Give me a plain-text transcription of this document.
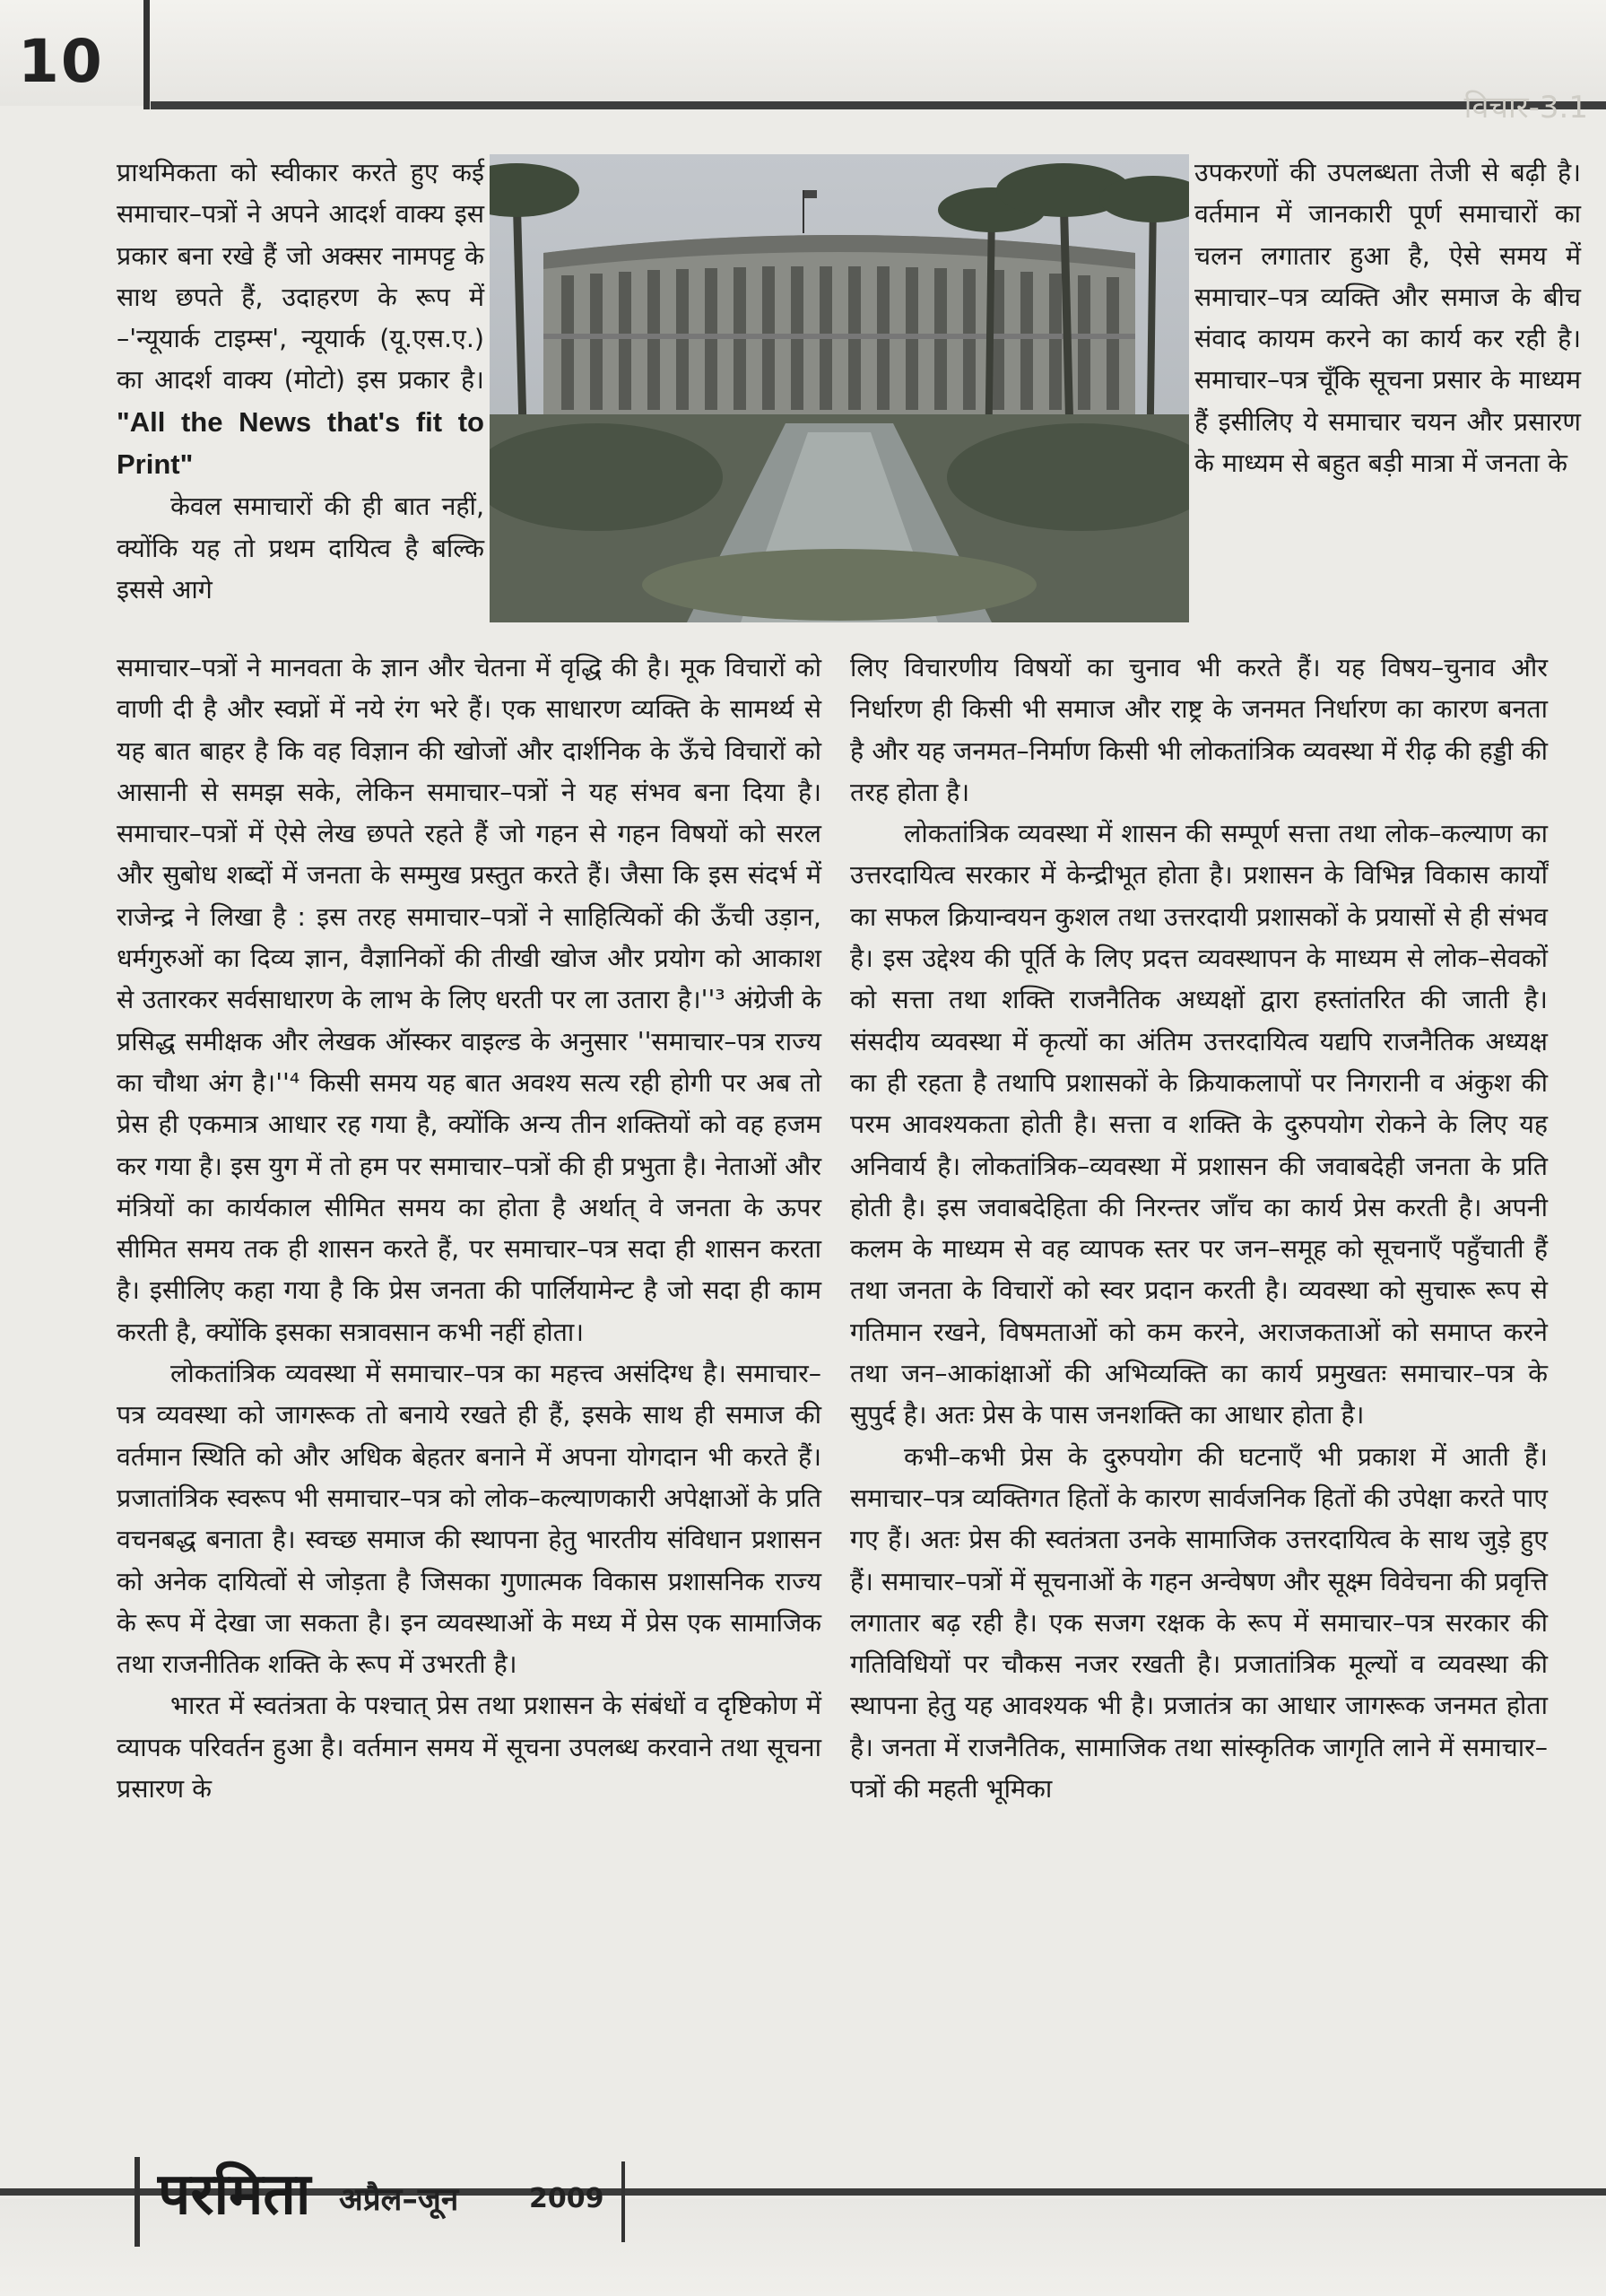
10
विचार-3.1

प्राथमिकता को स्वीकार करते हुए कई समाचार–पत्रों ने अपने आदर्श वाक्य इस प्रकार बना रखे हैं जो अक्सर नामपट्ट के साथ छपते हैं, उदाहरण के रूप में –'न्यूयार्क टाइम्स', न्यूयार्क (यू.एस.ए.) का आदर्श वाक्य (मोटो) इस प्रकार है। "All the News that's fit to Print"

केवल समाचारों की ही बात नहीं, क्योंकि यह तो प्रथम दायित्व है बल्कि इससे आगे

उपकरणों की उपलब्धता तेजी से बढ़ी है। वर्तमान में जानकारी पूर्ण समाचारों का चलन लगातार हुआ है, ऐसे समय में समाचार–पत्र व्यक्ति और समाज के बीच संवाद कायम करने का कार्य कर रही है। समाचार–पत्र चूँकि सूचना प्रसार के माध्यम हैं इसीलिए ये समाचार चयन और प्रसारण के माध्यम से बहुत बड़ी मात्रा में जनता के

समाचार–पत्रों ने मानवता के ज्ञान और चेतना में वृद्धि की है। मूक विचारों को वाणी दी है और स्वप्नों में नये रंग भरे हैं। एक साधारण व्यक्ति के सामर्थ्य से यह बात बाहर है कि वह विज्ञान की खोजों और दार्शनिक के ऊँचे विचारों को आसानी से समझ सके, लेकिन समाचार–पत्रों ने यह संभव बना दिया है। समाचार–पत्रों में ऐसे लेख छपते रहते हैं जो गहन से गहन विषयों को सरल और सुबोध शब्दों में जनता के सम्मुख प्रस्तुत करते हैं। जैसा कि इस संदर्भ में राजेन्द्र ने लिखा है : इस तरह समाचार–पत्रों ने साहित्यिकों की ऊँची उड़ान, धर्मगुरुओं का दिव्य ज्ञान, वैज्ञानिकों की तीखी खोज और प्रयोग को आकाश से उतारकर सर्वसाधारण के लाभ के लिए धरती पर ला उतारा है।''³ अंग्रेजी के प्रसिद्ध समीक्षक और लेखक ऑस्कर वाइल्ड के अनुसार ''समाचार–पत्र राज्य का चौथा अंग है।''⁴ किसी समय यह बात अवश्य सत्य रही होगी पर अब तो प्रेस ही एकमात्र आधार रह गया है, क्योंकि अन्य तीन शक्तियों को वह हजम कर गया है। इस युग में तो हम पर समाचार–पत्रों की ही प्रभुता है। नेताओं और मंत्रियों का कार्यकाल सीमित समय का होता है अर्थात् वे जनता के ऊपर सीमित समय तक ही शासन करते हैं, पर समाचार–पत्र सदा ही शासन करता है। इसीलिए कहा गया है कि प्रेस जनता की पार्लियामेन्ट है जो सदा ही काम करती है, क्योंकि इसका सत्रावसान कभी नहीं होता।

लोकतांत्रिक व्यवस्था में समाचार–पत्र का महत्त्व असंदिग्ध है। समाचार–पत्र व्यवस्था को जागरूक तो बनाये रखते ही हैं, इसके साथ ही समाज की वर्तमान स्थिति को और अधिक बेहतर बनाने में अपना योगदान भी करते हैं। प्रजातांत्रिक स्वरूप भी समाचार–पत्र को लोक–कल्याणकारी अपेक्षाओं के प्रति वचनबद्ध बनाता है। स्वच्छ समाज की स्थापना हेतु भारतीय संविधान प्रशासन को अनेक दायित्वों से जोड़ता है जिसका गुणात्मक विकास प्रशासनिक राज्य के रूप में देखा जा सकता है। इन व्यवस्थाओं के मध्य में प्रेस एक सामाजिक तथा राजनीतिक शक्ति के रूप में उभरती है।

भारत में स्वतंत्रता के पश्चात् प्रेस तथा प्रशासन के संबंधों व दृष्टिकोण में व्यापक परिवर्तन हुआ है। वर्तमान समय में सूचना उपलब्ध करवाने तथा सूचना प्रसारण के

लिए विचारणीय विषयों का चुनाव भी करते हैं। यह विषय–चुनाव और निर्धारण ही किसी भी समाज और राष्ट्र के जनमत निर्धारण का कारण बनता है और यह जनमत–निर्माण किसी भी लोकतांत्रिक व्यवस्था में रीढ़ की हड्डी की तरह होता है।

लोकतांत्रिक व्यवस्था में शासन की सम्पूर्ण सत्ता तथा लोक–कल्याण का उत्तरदायित्व सरकार में केन्द्रीभूत होता है। प्रशासन के विभिन्न विकास कार्यों का सफल क्रियान्वयन कुशल तथा उत्तरदायी प्रशासकों के प्रयासों से ही संभव है। इस उद्देश्य की पूर्ति के लिए प्रदत्त व्यवस्थापन के माध्यम से लोक–सेवकों को सत्ता तथा शक्ति राजनैतिक अध्यक्षों द्वारा हस्तांतरित की जाती है। संसदीय व्यवस्था में कृत्यों का अंतिम उत्तरदायित्व यद्यपि राजनैतिक अध्यक्ष का ही रहता है तथापि प्रशासकों के क्रियाकलापों पर निगरानी व अंकुश की परम आवश्यकता होती है। सत्ता व शक्ति के दुरुपयोग रोकने के लिए यह अनिवार्य है। लोकतांत्रिक–व्यवस्था में प्रशासन की जवाबदेही जनता के प्रति होती है। इस जवाबदेहिता की निरन्तर जाँच का कार्य प्रेस करती है। अपनी कलम के माध्यम से वह व्यापक स्तर पर जन–समूह को सूचनाएँ पहुँचाती हैं तथा जनता के विचारों को स्वर प्रदान करती है। व्यवस्था को सुचारू रूप से गतिमान रखने, विषमताओं को कम करने, अराजकताओं को समाप्त करने तथा जन–आकांक्षाओं की अभिव्यक्ति का कार्य प्रमुखतः समाचार–पत्र के सुपुर्द है। अतः प्रेस के पास जनशक्ति का आधार होता है।

कभी–कभी प्रेस के दुरुपयोग की घटनाएँ भी प्रकाश में आती हैं। समाचार–पत्र व्यक्तिगत हितों के कारण सार्वजनिक हितों की उपेक्षा करते पाए गए हैं। अतः प्रेस की स्वतंत्रता उनके सामाजिक उत्तरदायित्व के साथ जुड़े हुए हैं। समाचार–पत्रों में सूचनाओं के गहन अन्वेषण और सूक्ष्म विवेचना की प्रवृत्ति लगातार बढ़ रही है। एक सजग रक्षक के रूप में समाचार–पत्र सरकार की गतिविधियों पर चौकस नजर रखती है। प्रजातांत्रिक मूल्यों व व्यवस्था की स्थापना हेतु यह आवश्यक भी है। प्रजातंत्र का आधार जागरूक जनमत होता है। जनता में राजनैतिक, सामाजिक तथा सांस्कृतिक जागृति लाने में समाचार–पत्रों की महती भूमिका

परमिता अप्रैल–जून	2009
